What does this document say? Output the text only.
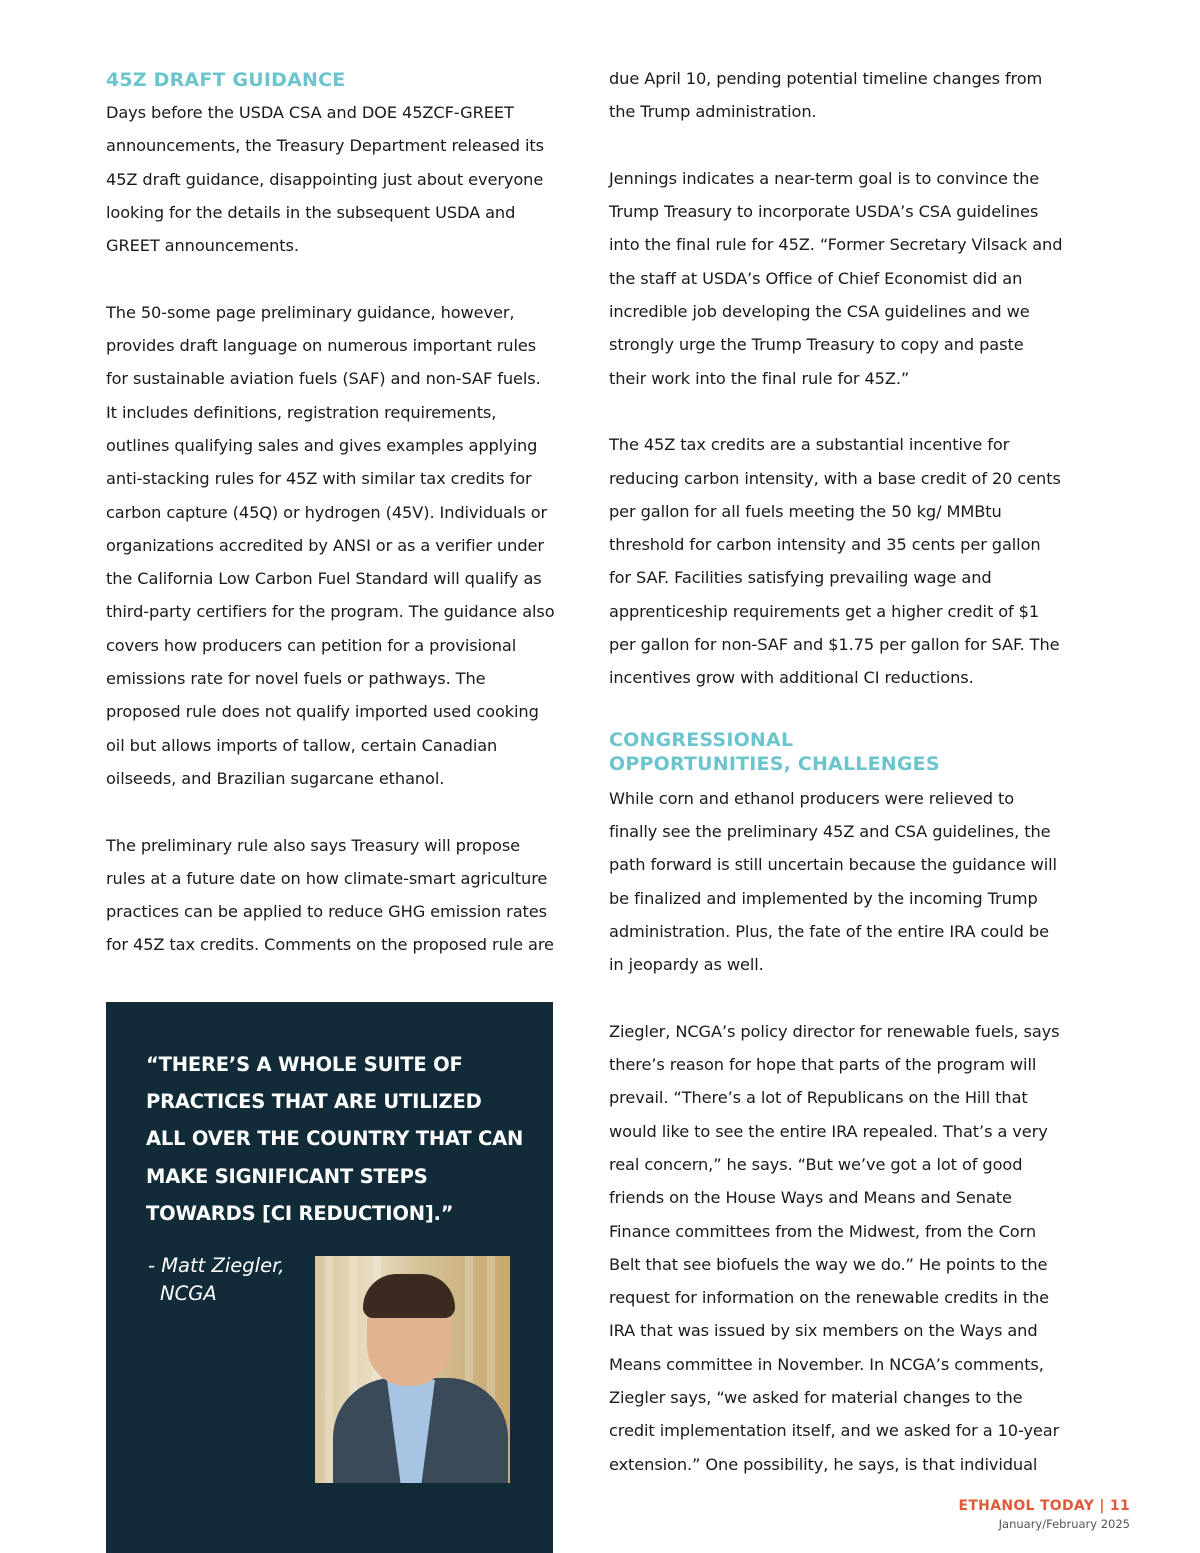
45Z DRAFT GUIDANCE

Days before the USDA CSA and DOE 45ZCF-GREET announcements, the Treasury Department released its 45Z draft guidance, disappointing just about everyone looking for the details in the subsequent USDA and GREET announcements.

The 50-some page preliminary guidance, however, provides draft language on numerous important rules for sustainable aviation fuels (SAF) and non-SAF fuels. It includes definitions, registration requirements, outlines qualifying sales and gives examples applying anti-stacking rules for 45Z with similar tax credits for carbon capture (45Q) or hydrogen (45V). Individuals or organizations accredited by ANSI or as a verifier under the California Low Carbon Fuel Standard will qualify as third-party certifiers for the program. The guidance also covers how producers can petition for a provisional emissions rate for novel fuels or pathways. The proposed rule does not qualify imported used cooking oil but allows imports of tallow, certain Canadian oilseeds, and Brazilian sugarcane ethanol.

The preliminary rule also says Treasury will propose rules at a future date on how climate-smart agriculture practices can be applied to reduce GHG emission rates for 45Z tax credits. Comments on the proposed rule are

“THERE’S A WHOLE SUITE OF PRACTICES THAT ARE UTILIZED ALL OVER THE COUNTRY THAT CAN MAKE SIGNIFICANT STEPS TOWARDS [CI REDUCTION].”
- Matt Ziegler,
NCGA

due April 10, pending potential timeline changes from the Trump administration.

Jennings indicates a near-term goal is to convince the Trump Treasury to incorporate USDA’s CSA guidelines into the final rule for 45Z. “Former Secretary Vilsack and the staff at USDA’s Office of Chief Economist did an incredible job developing the CSA guidelines and we strongly urge the Trump Treasury to copy and paste their work into the final rule for 45Z.”

The 45Z tax credits are a substantial incentive for reducing carbon intensity, with a base credit of 20 cents per gallon for all fuels meeting the 50 kg/ MMBtu threshold for carbon intensity and 35 cents per gallon for SAF. Facilities satisfying prevailing wage and apprenticeship requirements get a higher credit of $1 per gallon for non-SAF and $1.75 per gallon for SAF. The incentives grow with additional CI reductions.

CONGRESSIONAL
OPPORTUNITIES, CHALLENGES

While corn and ethanol producers were relieved to finally see the preliminary 45Z and CSA guidelines, the path forward is still uncertain because the guidance will be finalized and implemented by the incoming Trump administration. Plus, the fate of the entire IRA could be in jeopardy as well.

Ziegler, NCGA’s policy director for renewable fuels, says there’s reason for hope that parts of the program will prevail. “There’s a lot of Republicans on the Hill that would like to see the entire IRA repealed. That’s a very real concern,” he says. “But we’ve got a lot of good friends on the House Ways and Means and Senate Finance committees from the Midwest, from the Corn Belt that see biofuels the way we do.” He points to the request for information on the renewable credits in the IRA that was issued by six members on the Ways and Means committee in November. In NCGA’s comments, Ziegler says, “we asked for material changes to the credit implementation itself, and we asked for a 10-year extension.” One possibility, he says, is that individual

ETHANOL TODAY | 11
January/February 2025
